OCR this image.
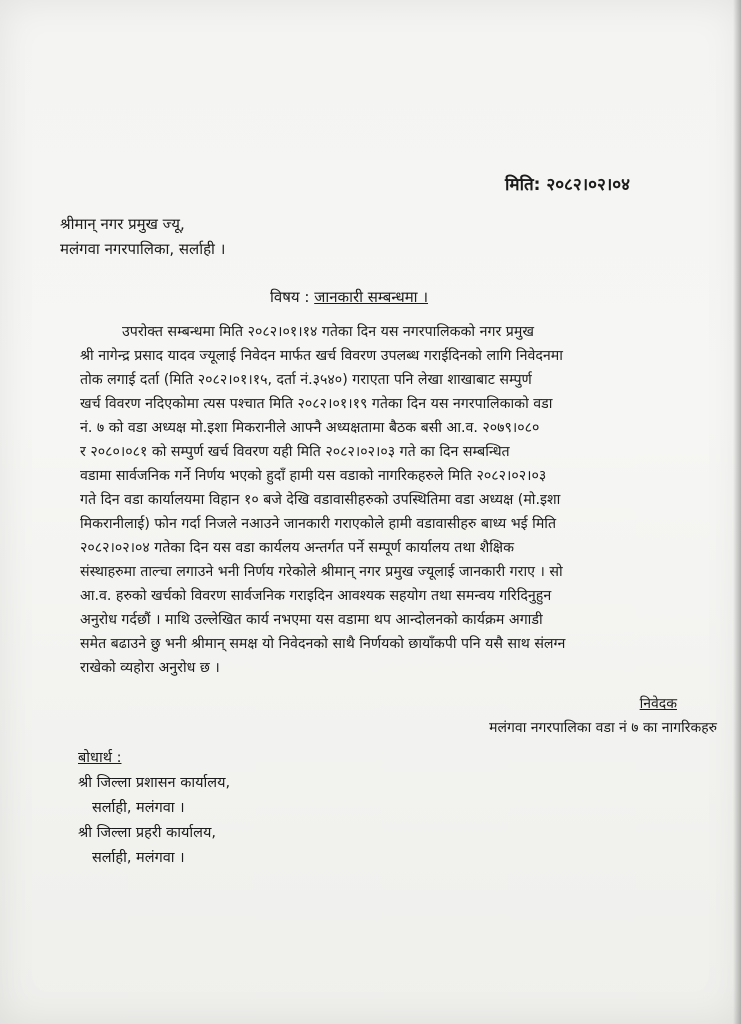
मिति: २०८२।०२।०४
श्रीमान् नगर प्रमुख ज्यू,
मलंगवा नगरपालिका, सर्लाही ।
विषय : जानकारी सम्बन्धमा ।
उपरोक्त सम्बन्धमा मिति २०८२।०१।१४ गतेका दिन यस नगरपालिकको नगर प्रमुख
श्री नागेन्द्र प्रसाद यादव ज्यूलाई निवेदन मार्फत खर्च विवरण उपलब्ध गराईदिनको लागि निवेदनमा
तोक लगाई दर्ता (मिति २०८२।०१।१५, दर्ता नं.३५४०) गराएता पनि लेखा शाखाबाट सम्पुर्ण
खर्च विवरण नदिएकोमा त्यस पश्चात मिति २०८२।०१।१९ गतेका दिन यस नगरपालिकाको वडा
नं. ७ को वडा अध्यक्ष मो.इशा मिकरानीले आफ्नै अध्यक्षतामा बैठक बसी आ.व. २०७९।०८०
र २०८०।०८१ को सम्पुर्ण खर्च विवरण यही मिति २०८२।०२।०३ गते का दिन सम्बन्धित
वडामा सार्वजनिक गर्ने निर्णय भएको हुदाँ हामी यस वडाको नागरिकहरुले मिति २०८२।०२।०३
गते दिन वडा कार्यालयमा विहान १० बजे देखि वडावासीहरुको उपस्थितिमा वडा अध्यक्ष (मो.इशा
मिकरानीलाई) फोन गर्दा निजले नआउने जानकारी गराएकोले हामी वडावासीहरु बाध्य भई मिति
२०८२।०२।०४ गतेका दिन यस वडा कार्यलय अन्तर्गत पर्ने सम्पूर्ण कार्यालय तथा शैक्षिक
संस्थाहरुमा ताल्चा लगाउने भनी निर्णय गरेकोले श्रीमान् नगर प्रमुख ज्यूलाई जानकारी गराए । सो
आ.व. हरुको खर्चको विवरण सार्वजनिक गराइदिन आवश्यक सहयोग तथा समन्वय गरिदिनुहुन
अनुरोध गर्दछौं । माथि उल्लेखित कार्य नभएमा यस वडामा थप आन्दोलनको कार्यक्रम अगाडी
समेत बढाउने छु भनी श्रीमान् समक्ष यो निवेदनको साथै निर्णयको छायाँकपी पनि यसै साथ संलग्न
राखेको व्यहोरा अनुरोध छ ।
निवेदक
मलंगवा नगरपालिका वडा नं ७ का नागरिकहरु
बोधार्थ :
श्री जिल्ला प्रशासन कार्यालय,
सर्लाही, मलंगवा ।
श्री जिल्ला प्रहरी कार्यालय,
सर्लाही, मलंगवा ।
